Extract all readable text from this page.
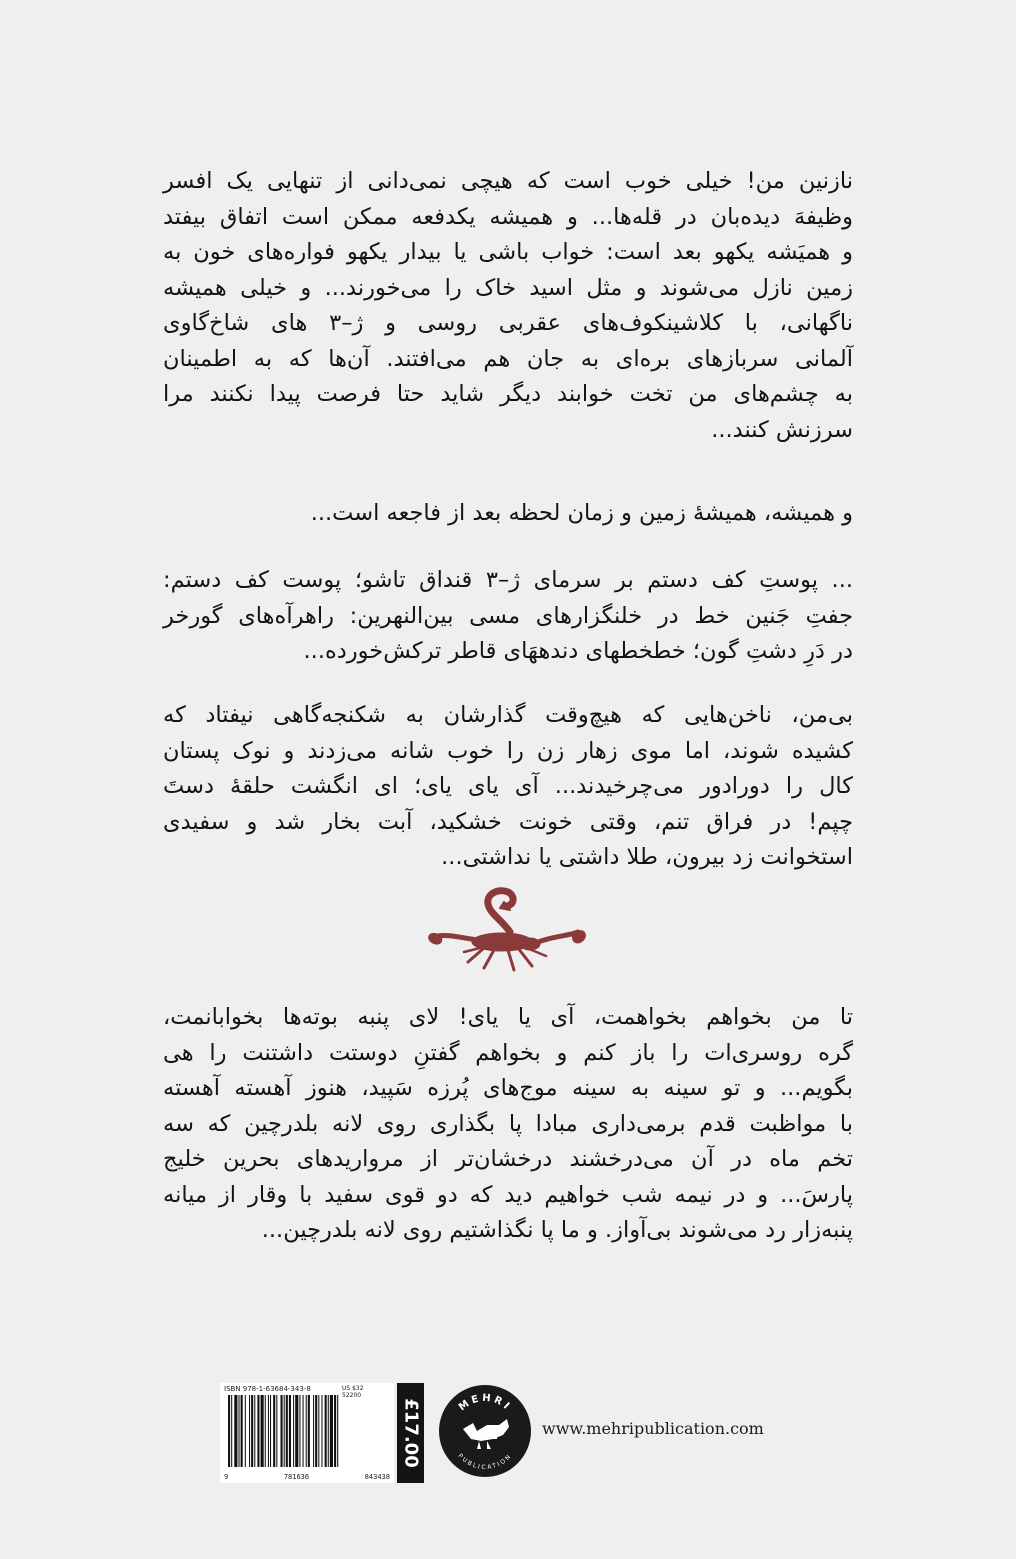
نازنین من! خیلی خوب است که هیچی نمی‌دانی از تنهایی یک افسر
وظیفهَ دیده‌بان در قله‌ها... و همیشه یکدفعه ممکن است اتفاق بیفتد
و همیَشه یکهو بعد است: خواب باشی یا بیدار یکهو فواره‌های خون به
زمین نازل می‌شوند و مثل اسید خاک را می‌خورند... و خیلی همیشه
ناگهانی، با کلاشینکوف‌های عقربی روسی و ژ–۳ های شاخ‌گاوی
آلمانی سربازهای بره‌ای به جان هم می‌افتند. آن‌ها که به اطمینان
به چشم‌های من تخت خوابند دیگر شاید حتا فرصت پیدا نکنند مرا
سرزنش کنند...
و همیشه، همیشهٔ زمین و زمان لحظه بعد از فاجعه است...
... پوستِ کف دستم بر سرمای ژ–۳ قنداق تاشو؛ پوست کف دستم:
جفتِ جَنین خط در خلنگزارهای مسی بین‌النهرین: راهرآه‌های گورخر
در دَرِ دشتِ گون؛ خطخطهای دندههَای قاطر ترکش‌خورده...
بی‌من، ناخن‌هایی که هیچ‌وقت گذارشان به شکنجه‌گاهی نیفتاد که
کشیده شوند، اما موی زهار زن را خوب شانه می‌زدند و نوک پستان
کال را دورادور می‌چرخیدند... آی یای یای؛ ای انگشت حلقهٔ دستَ
چپم! در فراق تنم، وقتی خونت خشکید، آبت بخار شد و سفیدی
استخوانت زد بیرون، طلا داشتی یا نداشتی...
تا من بخواهم بخواهمت، آی یا یای! لای پنبه بوته‌ها بخوابانمت،
گره روسری‌ات را باز کنم و بخواهم گفتنِ دوستت داشتنت را هی
بگویم... و تو سینه به سینه موج‌های پُرزه سَپید، هنوز آهسته آهسته
با مواظبت قدم برمی‌داری مبادا پا بگذاری روی لانه بلدرچین که سه
تخم ماه در آن می‌درخشند درخشان‌تر از مرواریدهای بحرین خلیج
پارسَ... و در نیمه شب خواهیم دید که دو قوی سفید با وقار از میانه
پنبه‌زار رد می‌شوند بی‌آواز. و ما پا نگذاشتیم روی لانه بلدرچین...
ISBN 978-1-63684-343-8	US $32
52200
9	781636	843438
£17.00	MEHRI
PUBLICATION
www.mehripublication.com
